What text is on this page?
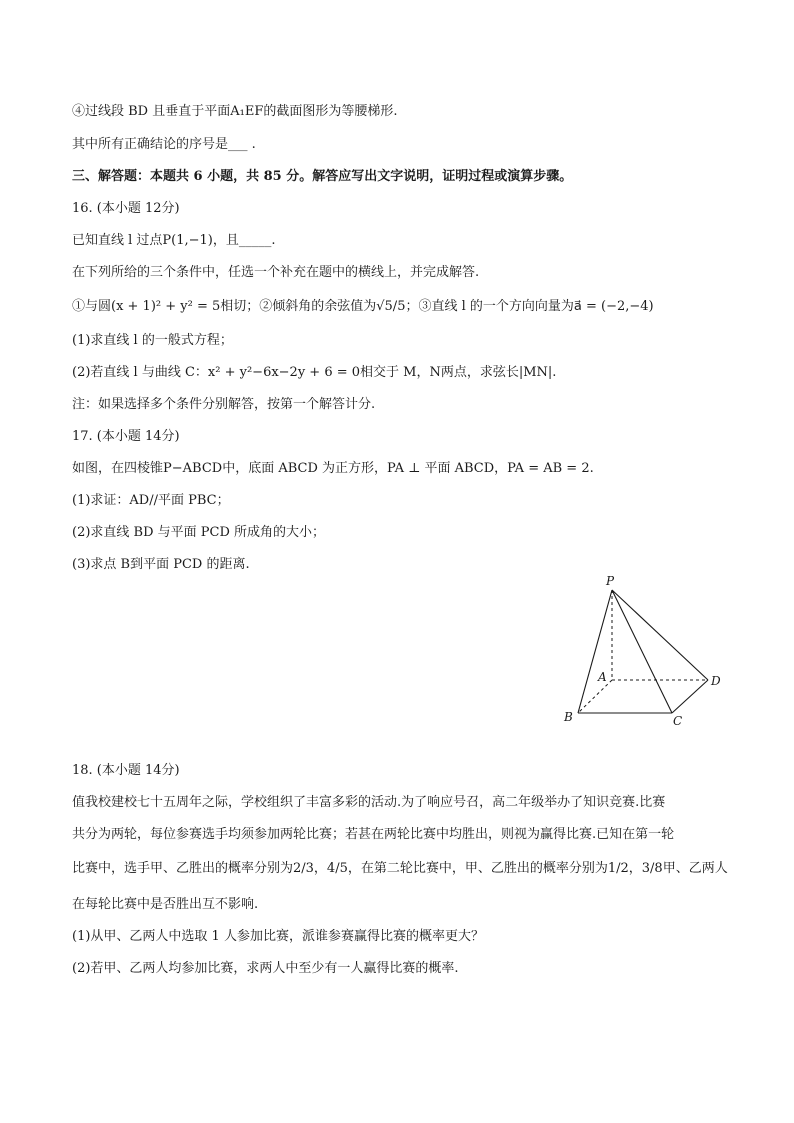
④过线段 BD 且垂直于平面A₁EF的截面图形为等腰梯形.
其中所有正确结论的序号是___ .
三、解答题：本题共 6 小题，共 85 分。解答应写出文字说明，证明过程或演算步骤。
16. (本小题 12分)
已知直线 l 过点P(1,−1)，且_____.
在下列所给的三个条件中，任选一个补充在题中的横线上，并完成解答.
①与圆(x + 1)² + y² = 5相切；②倾斜角的余弦值为√5/5；③直线 l 的一个方向向量为a⃗ = (−2,−4)
(1)求直线 l 的一般式方程；
(2)若直线 l 与曲线 C：x² + y²−6x−2y + 6 = 0相交于 M，N两点，求弦长|MN|.
注：如果选择多个条件分别解答，按第一个解答计分.
17. (本小题 14分)
如图，在四棱锥P−ABCD中，底面 ABCD 为正方形，PA ⊥ 平面 ABCD，PA = AB = 2.
(1)求证：AD//平面 PBC；
(2)求直线 BD 与平面 PCD 所成角的大小；
(3)求点 B到平面 PCD 的距离.
P
A	D
B	C
18. (本小题 14分)
值我校建校七十五周年之际，学校组织了丰富多彩的活动.为了响应号召，高二年级举办了知识竞赛.比赛
共分为两轮，每位参赛选手均须参加两轮比赛；若甚在两轮比赛中均胜出，则视为赢得比赛.已知在第一轮
比赛中，选手甲、乙胜出的概率分别为2/3，4/5，在第二轮比赛中，甲、乙胜出的概率分别为1/2，3/8甲、乙两人
在每轮比赛中是否胜出互不影响.
(1)从甲、乙两人中选取 1 人参加比赛，派谁参赛赢得比赛的概率更大？
(2)若甲、乙两人均参加比赛，求两人中至少有一人赢得比赛的概率.
